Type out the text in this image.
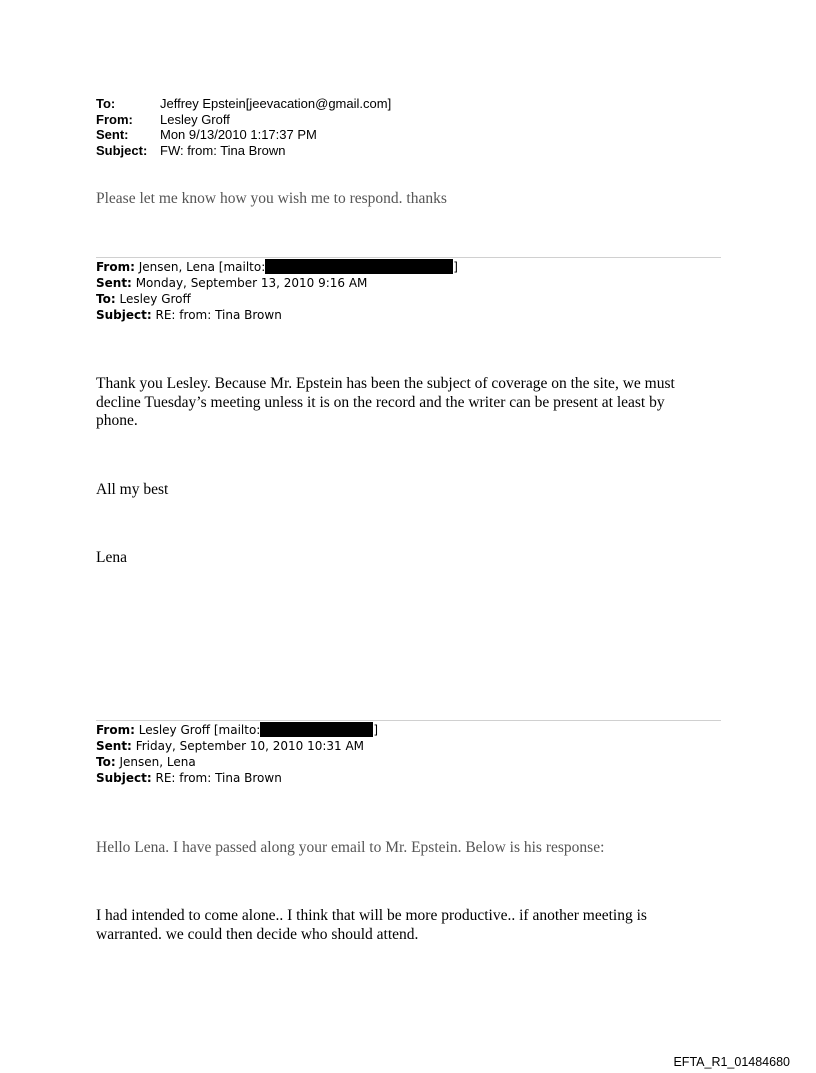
To:	Jeffrey Epstein[jeevacation@gmail.com]
From:	Lesley Groff
Sent:	Mon 9/13/2010 1:17:37 PM
Subject: FW: from: Tina Brown
Please let me know how you wish me to respond. thanks
From: Jensen, Lena [mailto:	]
Sent: Monday, September 13, 2010 9:16 AM
To: Lesley Groff
Subject: RE: from: Tina Brown
Thank you Lesley. Because Mr. Epstein has been the subject of coverage on the site, we must decline Tuesday’s meeting unless it is on the record and the writer can be present at least by phone.
All my best
Lena
From: Lesley Groff [mailto:	]
Sent: Friday, September 10, 2010 10:31 AM
To: Jensen, Lena
Subject: RE: from: Tina Brown
Hello Lena. I have passed along your email to Mr. Epstein. Below is his response:
I had intended to come alone.. I think that will be more productive.. if another meeting is warranted. we could then decide who should attend.
EFTA_R1_01484680
